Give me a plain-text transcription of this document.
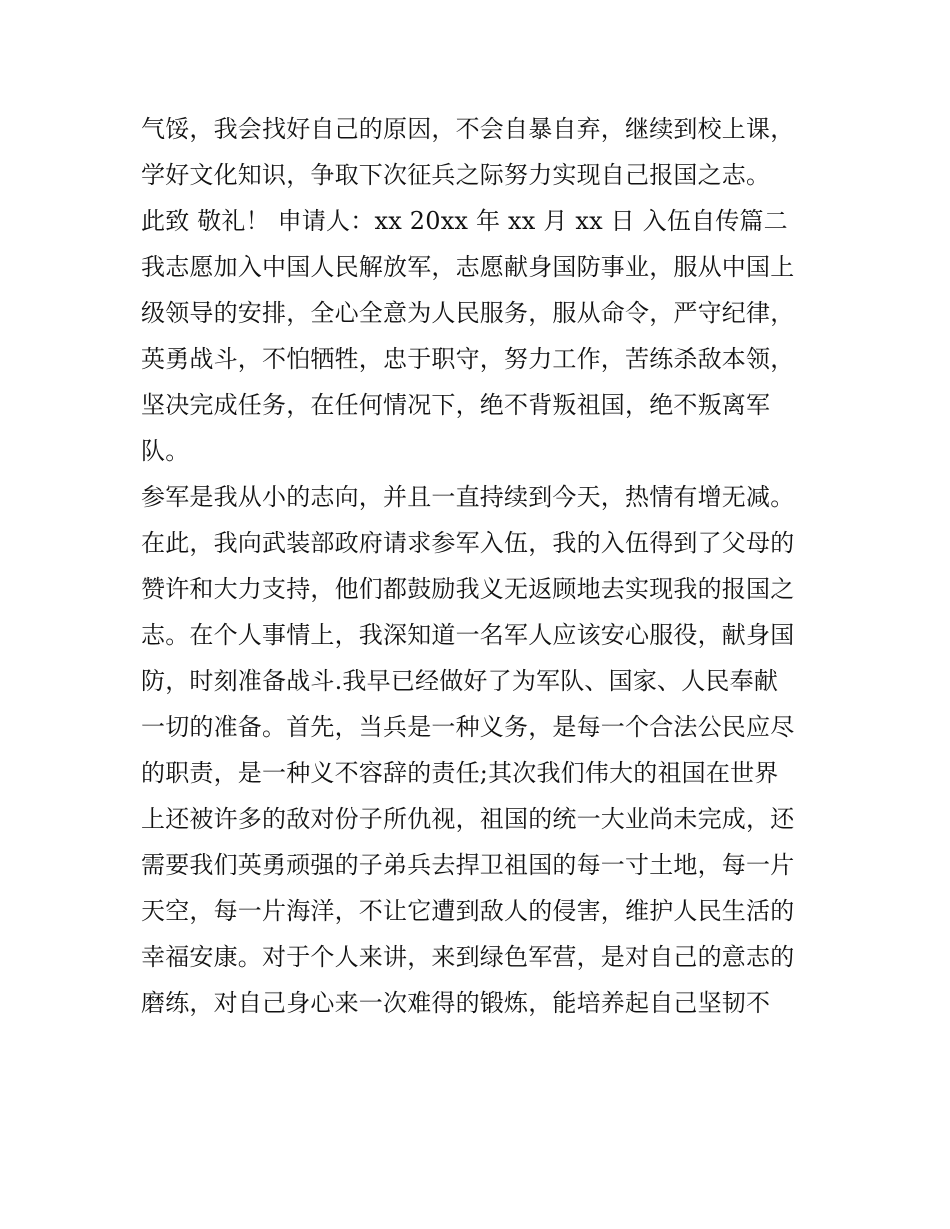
气馁，我会找好自己的原因，不会自暴自弃，继续到校上课，
学好文化知识，争取下次征兵之际努力实现自己报国之志。
此致 敬礼！ 申请人：xx 20xx 年 xx 月 xx 日 入伍自传篇二
我志愿加入中国人民解放军，志愿献身国防事业，服从中国上
级领导的安排，全心全意为人民服务，服从命令，严守纪律，
英勇战斗，不怕牺牲，忠于职守，努力工作，苦练杀敌本领，
坚决完成任务，在任何情况下，绝不背叛祖国，绝不叛离军
队。
参军是我从小的志向，并且一直持续到今天，热情有增无减。
在此，我向武装部政府请求参军入伍，我的入伍得到了父母的
赞许和大力支持，他们都鼓励我义无返顾地去实现我的报国之
志。在个人事情上，我深知道一名军人应该安心服役，献身国
防，时刻准备战斗.我早已经做好了为军队、国家、人民奉献
一切的准备。首先，当兵是一种义务，是每一个合法公民应尽
的职责，是一种义不容辞的责任;其次我们伟大的祖国在世界
上还被许多的敌对份子所仇视，祖国的统一大业尚未完成，还
需要我们英勇顽强的子弟兵去捍卫祖国的每一寸土地，每一片
天空，每一片海洋，不让它遭到敌人的侵害，维护人民生活的
幸福安康。对于个人来讲，来到绿色军营，是对自己的意志的
磨练，对自己身心来一次难得的锻炼，能培养起自己坚韧不
